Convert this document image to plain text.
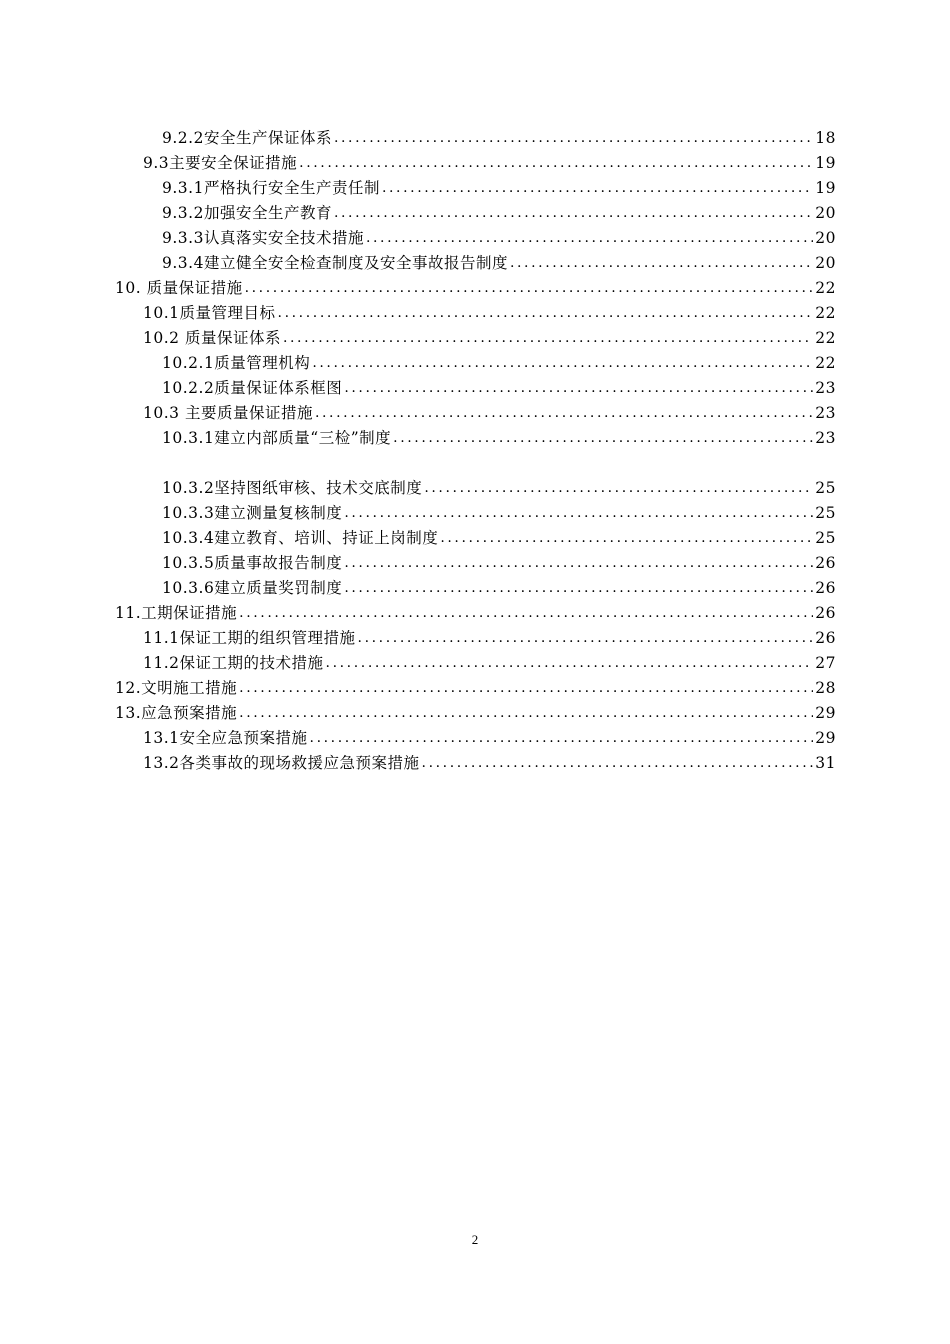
9.2.2安全生产保证体系 .....	18
9.3主要安全保证措施 .....	19
9.3.1严格执行安全生产责任制 .....	19
9.3.2加强安全生产教育 .....	20
9.3.3认真落实安全技术措施 .....	20
9.3.4建立健全安全检查制度及安全事故报告制度 .....	20
10. 质量保证措施 .....	22
10.1质量管理目标 .....	22
10.2 质量保证体系 .....	22
10.2.1质量管理机构 .....	22
10.2.2质量保证体系框图 .....	23
10.3 主要质量保证措施 .....	23
10.3.1建立内部质量“三检”制度 .....	23
10.3.2坚持图纸审核、技术交底制度 .....	25
10.3.3建立测量复核制度 .....	25
10.3.4建立教育、培训、持证上岗制度 .....	25
10.3.5质量事故报告制度 .....	26
10.3.6建立质量奖罚制度 .....	26
11.工期保证措施 .....	26
11.1保证工期的组织管理措施 .....	26
11.2保证工期的技术措施 .....	27
12.文明施工措施 .....	28
13.应急预案措施 .....	29
13.1安全应急预案措施 .....	29
13.2各类事故的现场救援应急预案措施 .....	31
2
